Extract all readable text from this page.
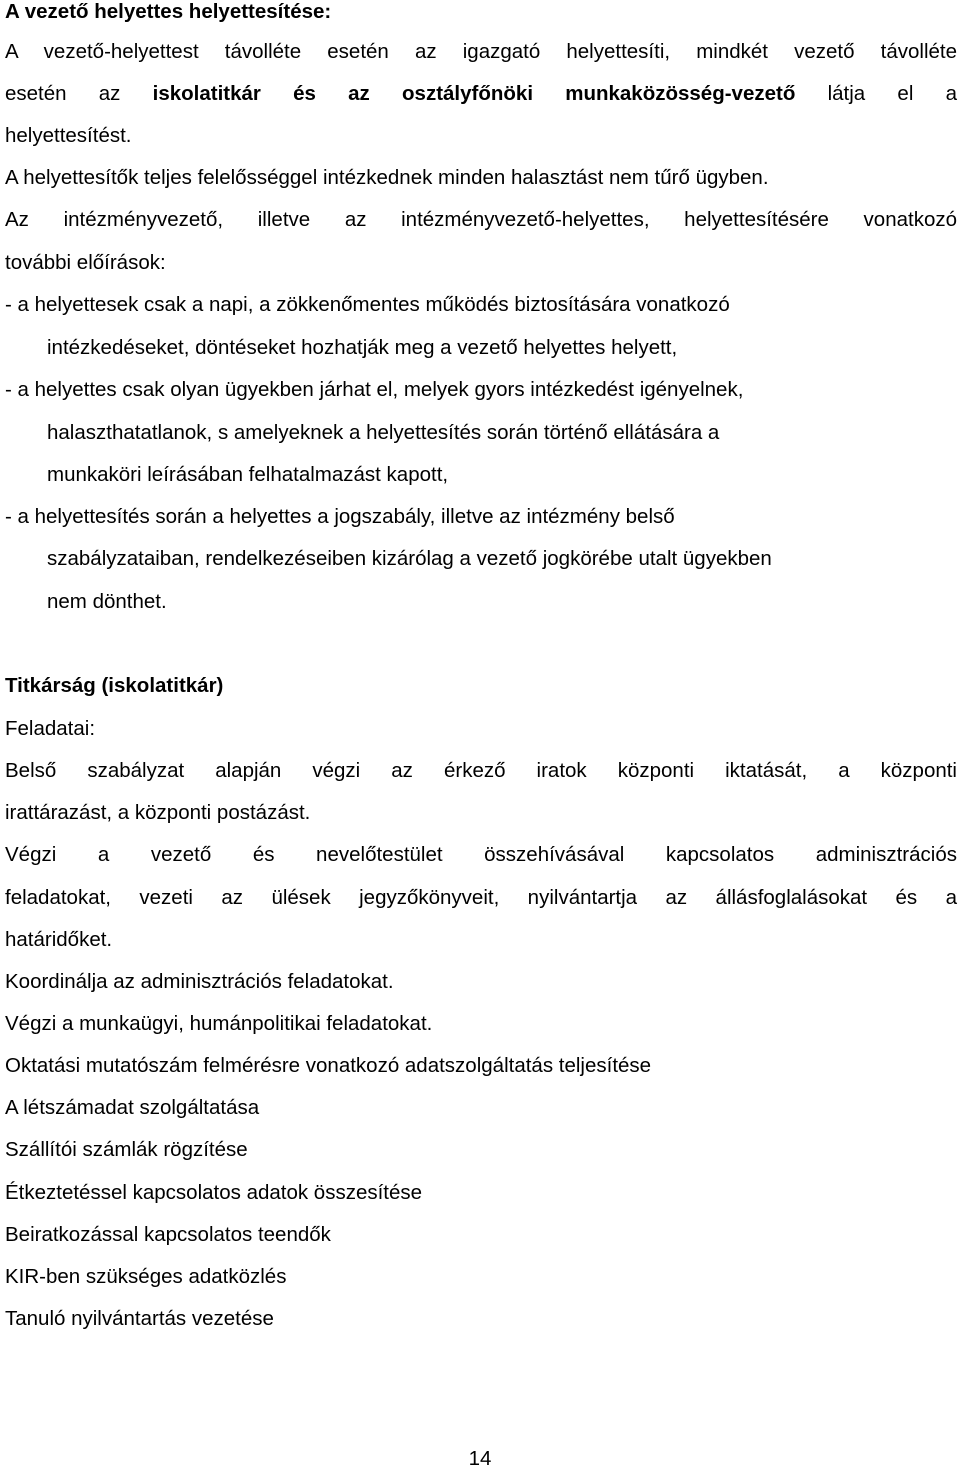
A vezető helyettes helyettesítése:
A vezető-helyettest távolléte esetén az igazgató helyettesíti, mindkét vezető távolléte
esetén az iskolatitkár és az osztályfőnöki munkaközösség-vezető látja el a
helyettesítést.
A helyettesítők teljes felelősséggel intézkednek minden halasztást nem tűrő ügyben.
Az intézményvezető, illetve az intézményvezető-helyettes, helyettesítésére vonatkozó
további előírások:
- a helyettesek csak a napi, a zökkenőmentes működés biztosítására vonatkozó
intézkedéseket, döntéseket hozhatják meg a vezető helyettes helyett,
- a helyettes csak olyan ügyekben járhat el, melyek gyors intézkedést igényelnek,
halaszthatatlanok, s amelyeknek a helyettesítés során történő ellátására a
munkaköri leírásában felhatalmazást kapott,
- a helyettesítés során a helyettes a jogszabály, illetve az intézmény belső
szabályzataiban, rendelkezéseiben kizárólag a vezető jogkörébe utalt ügyekben
nem dönthet.
Titkárság (iskolatitkár)
Feladatai:
Belső szabályzat alapján végzi az érkező iratok központi iktatását, a központi
irattárazást, a központi postázást.
Végzi a vezető és nevelőtestület összehívásával kapcsolatos adminisztrációs
feladatokat, vezeti az ülések jegyzőkönyveit, nyilvántartja az állásfoglalásokat és a
határidőket.
Koordinálja az adminisztrációs feladatokat.
Végzi a munkaügyi, humánpolitikai feladatokat.
Oktatási mutatószám felmérésre vonatkozó adatszolgáltatás teljesítése
A létszámadat szolgáltatása
Szállítói számlák rögzítése
Étkeztetéssel kapcsolatos adatok összesítése
Beiratkozással kapcsolatos teendők
KIR-ben szükséges adatközlés
Tanuló nyilvántartás vezetése
14
